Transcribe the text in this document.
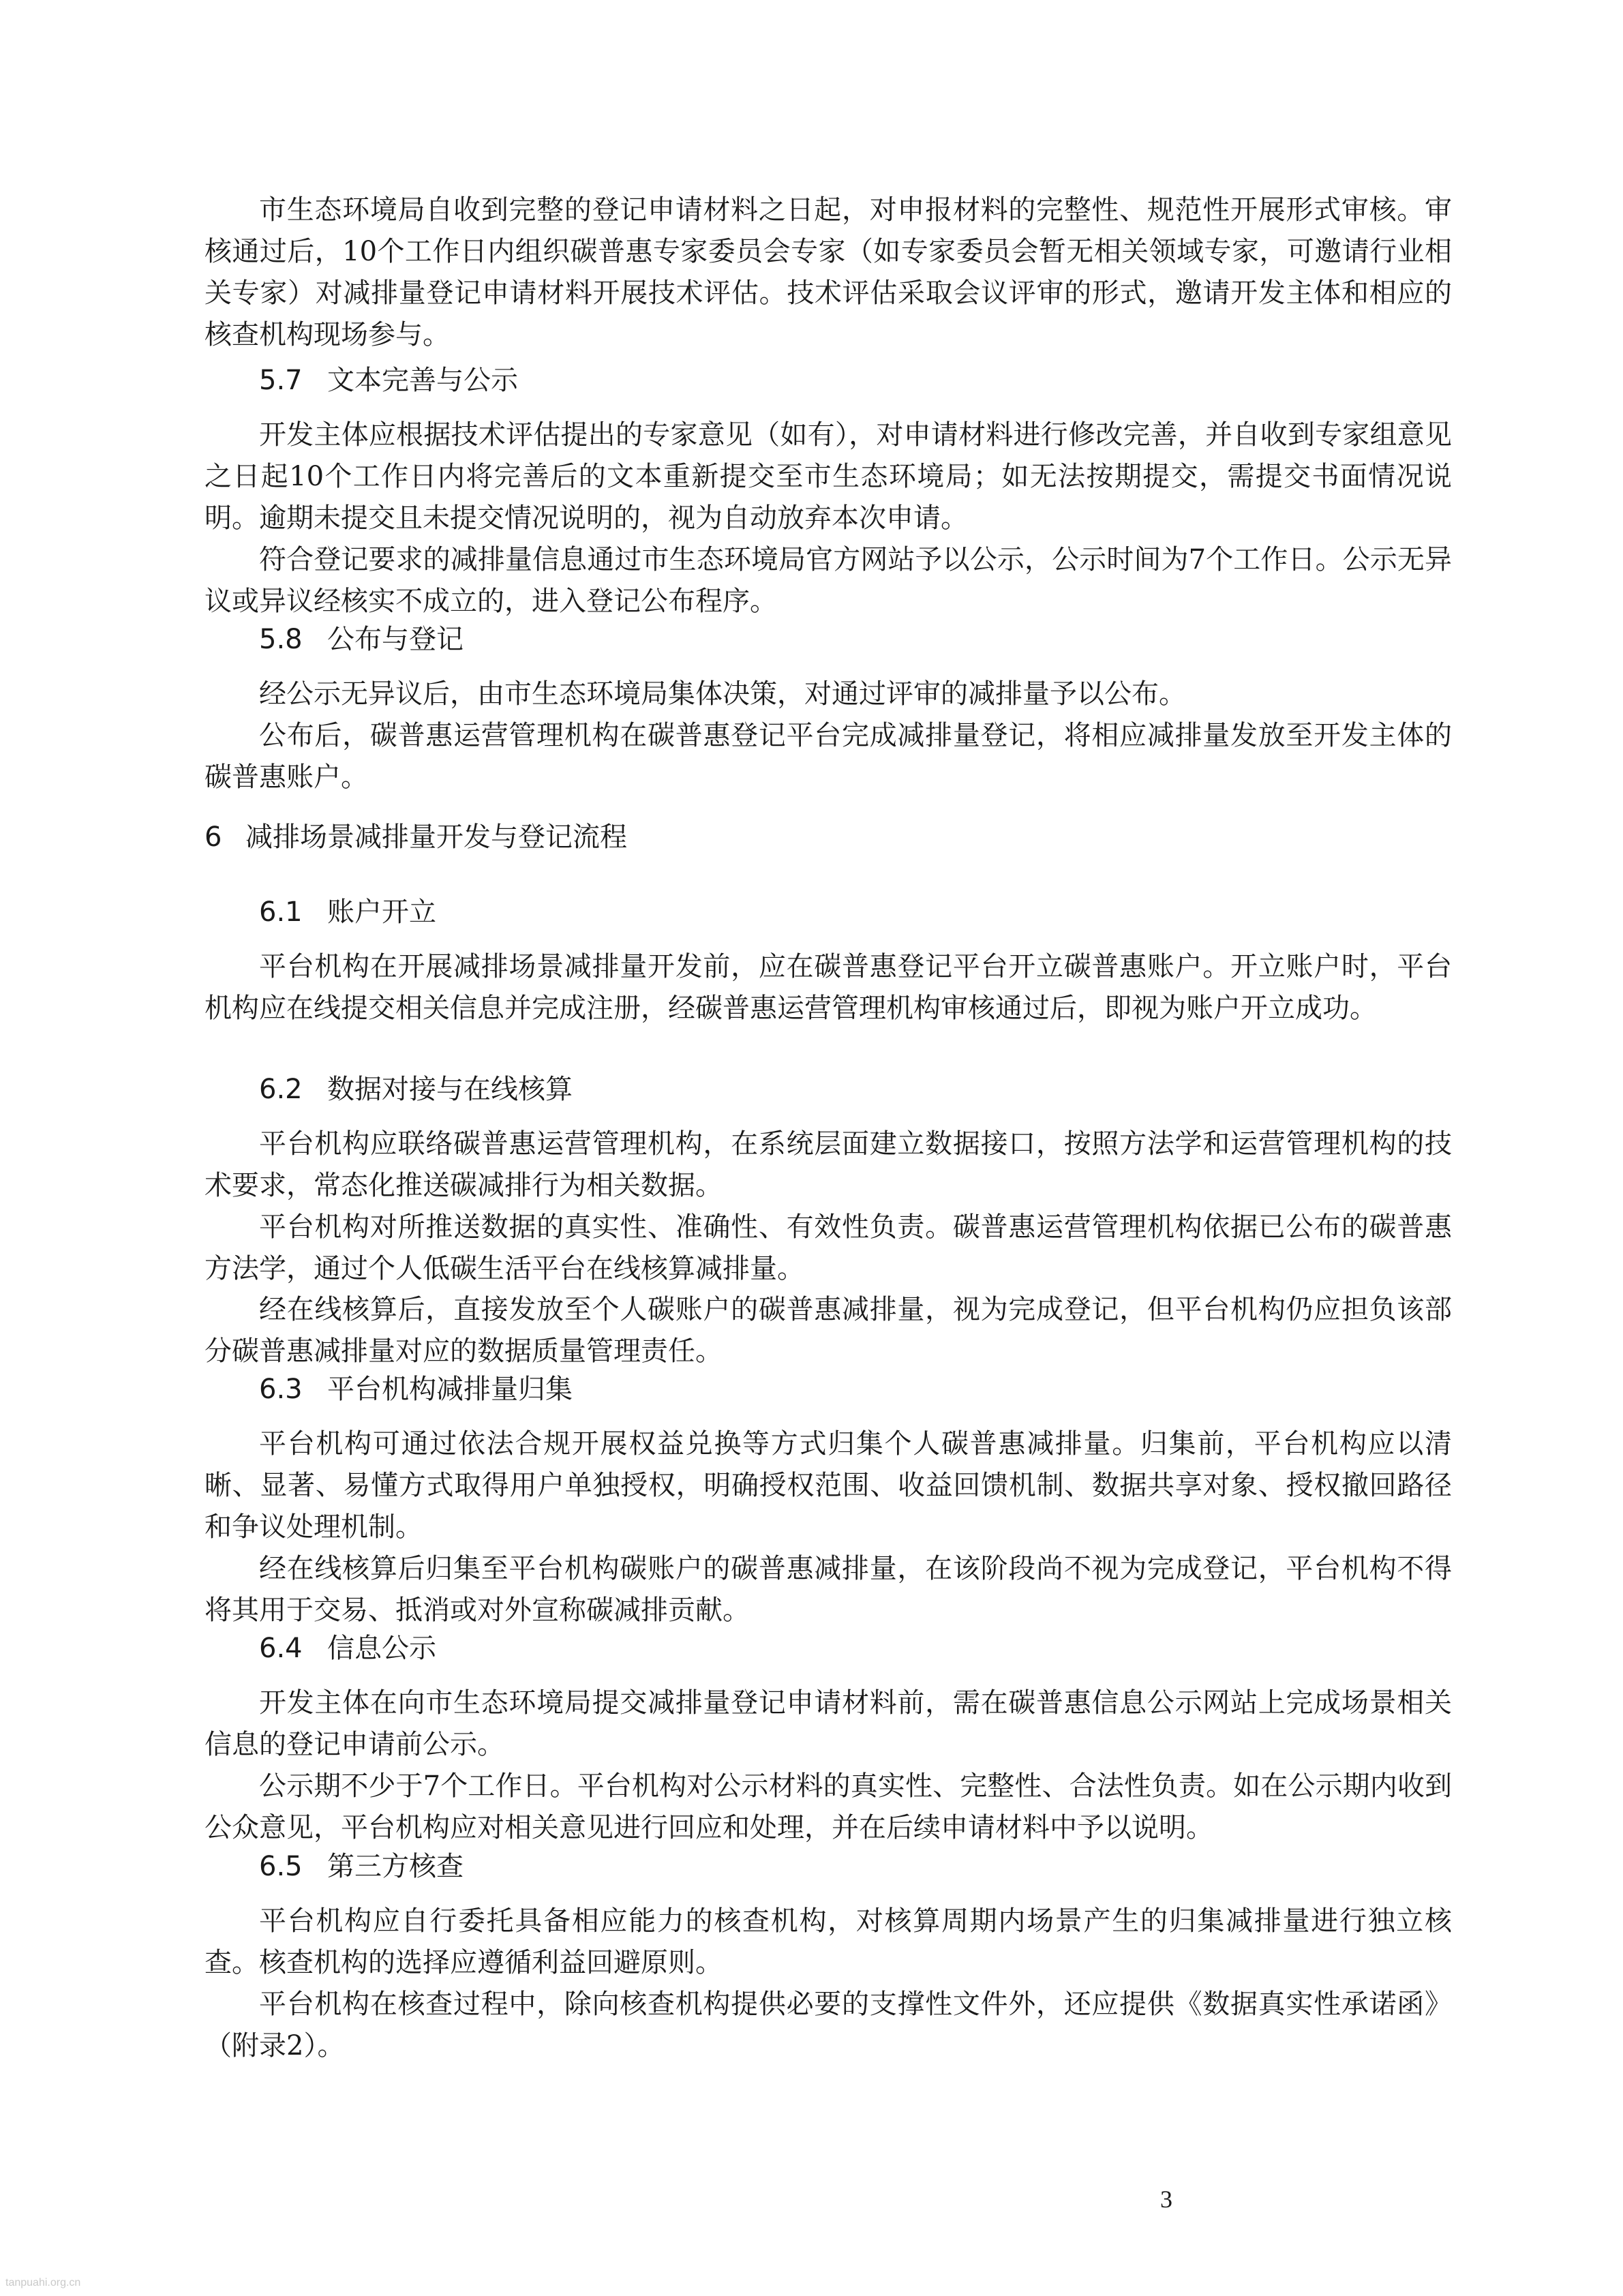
市生态环境局自收到完整的登记申请材料之日起，对申报材料的完整性、规范性开展形式审核。审核通过后，10个工作日内组织碳普惠专家委员会专家（如专家委员会暂无相关领域专家，可邀请行业相关专家）对减排量登记申请材料开展技术评估。技术评估采取会议评审的形式，邀请开发主体和相应的核查机构现场参与。

5.7 文本完善与公示

开发主体应根据技术评估提出的专家意见（如有），对申请材料进行修改完善，并自收到专家组意见之日起10个工作日内将完善后的文本重新提交至市生态环境局；如无法按期提交，需提交书面情况说明。逾期未提交且未提交情况说明的，视为自动放弃本次申请。

符合登记要求的减排量信息通过市生态环境局官方网站予以公示，公示时间为7个工作日。公示无异议或异议经核实不成立的，进入登记公布程序。

5.8 公布与登记

经公示无异议后，由市生态环境局集体决策，对通过评审的减排量予以公布。

公布后，碳普惠运营管理机构在碳普惠登记平台完成减排量登记，将相应减排量发放至开发主体的碳普惠账户。

6 减排场景减排量开发与登记流程
6.1 账户开立

平台机构在开展减排场景减排量开发前，应在碳普惠登记平台开立碳普惠账户。开立账户时，平台机构应在线提交相关信息并完成注册，经碳普惠运营管理机构审核通过后，即视为账户开立成功。

6.2 数据对接与在线核算

平台机构应联络碳普惠运营管理机构，在系统层面建立数据接口，按照方法学和运营管理机构的技术要求，常态化推送碳减排行为相关数据。

平台机构对所推送数据的真实性、准确性、有效性负责。碳普惠运营管理机构依据已公布的碳普惠方法学，通过个人低碳生活平台在线核算减排量。

经在线核算后，直接发放至个人碳账户的碳普惠减排量，视为完成登记，但平台机构仍应担负该部分碳普惠减排量对应的数据质量管理责任。

6.3 平台机构减排量归集

平台机构可通过依法合规开展权益兑换等方式归集个人碳普惠减排量。归集前，平台机构应以清晰、显著、易懂方式取得用户单独授权，明确授权范围、收益回馈机制、数据共享对象、授权撤回路径和争议处理机制。

经在线核算后归集至平台机构碳账户的碳普惠减排量，在该阶段尚不视为完成登记，平台机构不得将其用于交易、抵消或对外宣称碳减排贡献。

6.4 信息公示

开发主体在向市生态环境局提交减排量登记申请材料前，需在碳普惠信息公示网站上完成场景相关信息的登记申请前公示。

公示期不少于7个工作日。平台机构对公示材料的真实性、完整性、合法性负责。如在公示期内收到公众意见，平台机构应对相关意见进行回应和处理，并在后续申请材料中予以说明。

6.5 第三方核查

平台机构应自行委托具备相应能力的核查机构，对核算周期内场景产生的归集减排量进行独立核查。核查机构的选择应遵循利益回避原则。

平台机构在核查过程中，除向核查机构提供必要的支撑性文件外，还应提供《数据真实性承诺函》（附录2）。

3
tanpuahi.org.cn
